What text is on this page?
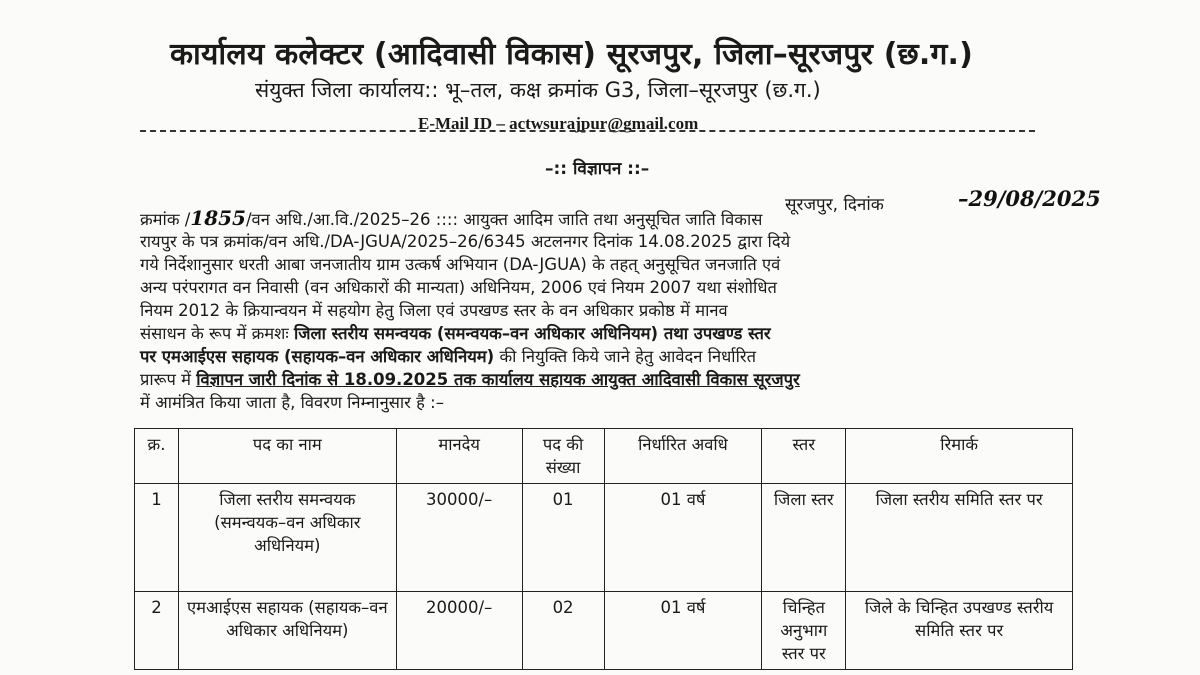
कार्यालय कलेक्टर (आदिवासी विकास) सूरजपुर, जिला–सूरजपुर (छ.ग.)
संयुक्त जिला कार्यालय:: भू–तल, कक्ष क्रमांक G3, जिला–सूरजपुर (छ.ग.)
E-Mail ID – actwsurajpur@gmail.com
–:: विज्ञापन ::–
सूरजपुर, दिनांक	–29/08/2025
क्रमांक /1855/वन अधि./आ.वि./2025–26 :::: आयुक्त आदिम जाति तथा अनुसूचित जाति विकास
रायपुर के पत्र क्रमांक/वन अधि./DA-JGUA/2025–26/6345 अटलनगर दिनांक 14.08.2025 द्वारा दिये
गये निर्देशानुसार धरती आबा जनजातीय ग्राम उत्कर्ष अभियान (DA-JGUA) के तहत् अनुसूचित जनजाति एवं
अन्य परंपरागत वन निवासी (वन अधिकारों की मान्यता) अधिनियम, 2006 एवं नियम 2007 यथा संशोधित
नियम 2012 के क्रियान्वयन में सहयोग हेतु जिला एवं उपखण्ड स्तर के वन अधिकार प्रकोष्ठ में मानव
संसाधन के रूप में क्रमशः जिला स्तरीय समन्वयक (समन्वयक–वन अधिकार अधिनियम) तथा उपखण्ड स्तर
पर एमआईएस सहायक (सहायक–वन अधिकार अधिनियम) की नियुक्ति किये जाने हेतु आवेदन निर्धारित
प्रारूप में विज्ञापन जारी दिनांक से 18.09.2025 तक कार्यालय सहायक आयुक्त आदिवासी विकास सूरजपुर
में आमंत्रित किया जाता है, विवरण निम्नानुसार है :–
क्र.	पद का नाम	मानदेय	पद की संख्या	निर्धारित अवधि	स्तर	रिमार्क
1	जिला स्तरीय समन्वयक (समन्वयक–वन अधिकार अधिनियम)	30000/–	01	01 वर्ष	जिला स्तर	जिला स्तरीय समिति स्तर पर
2	एमआईएस सहायक (सहायक–वन अधिकार अधिनियम)	20000/–	02	01 वर्ष	चिन्हित अनुभाग स्तर पर	जिले के चिन्हित उपखण्ड स्तरीय समिति स्तर पर
